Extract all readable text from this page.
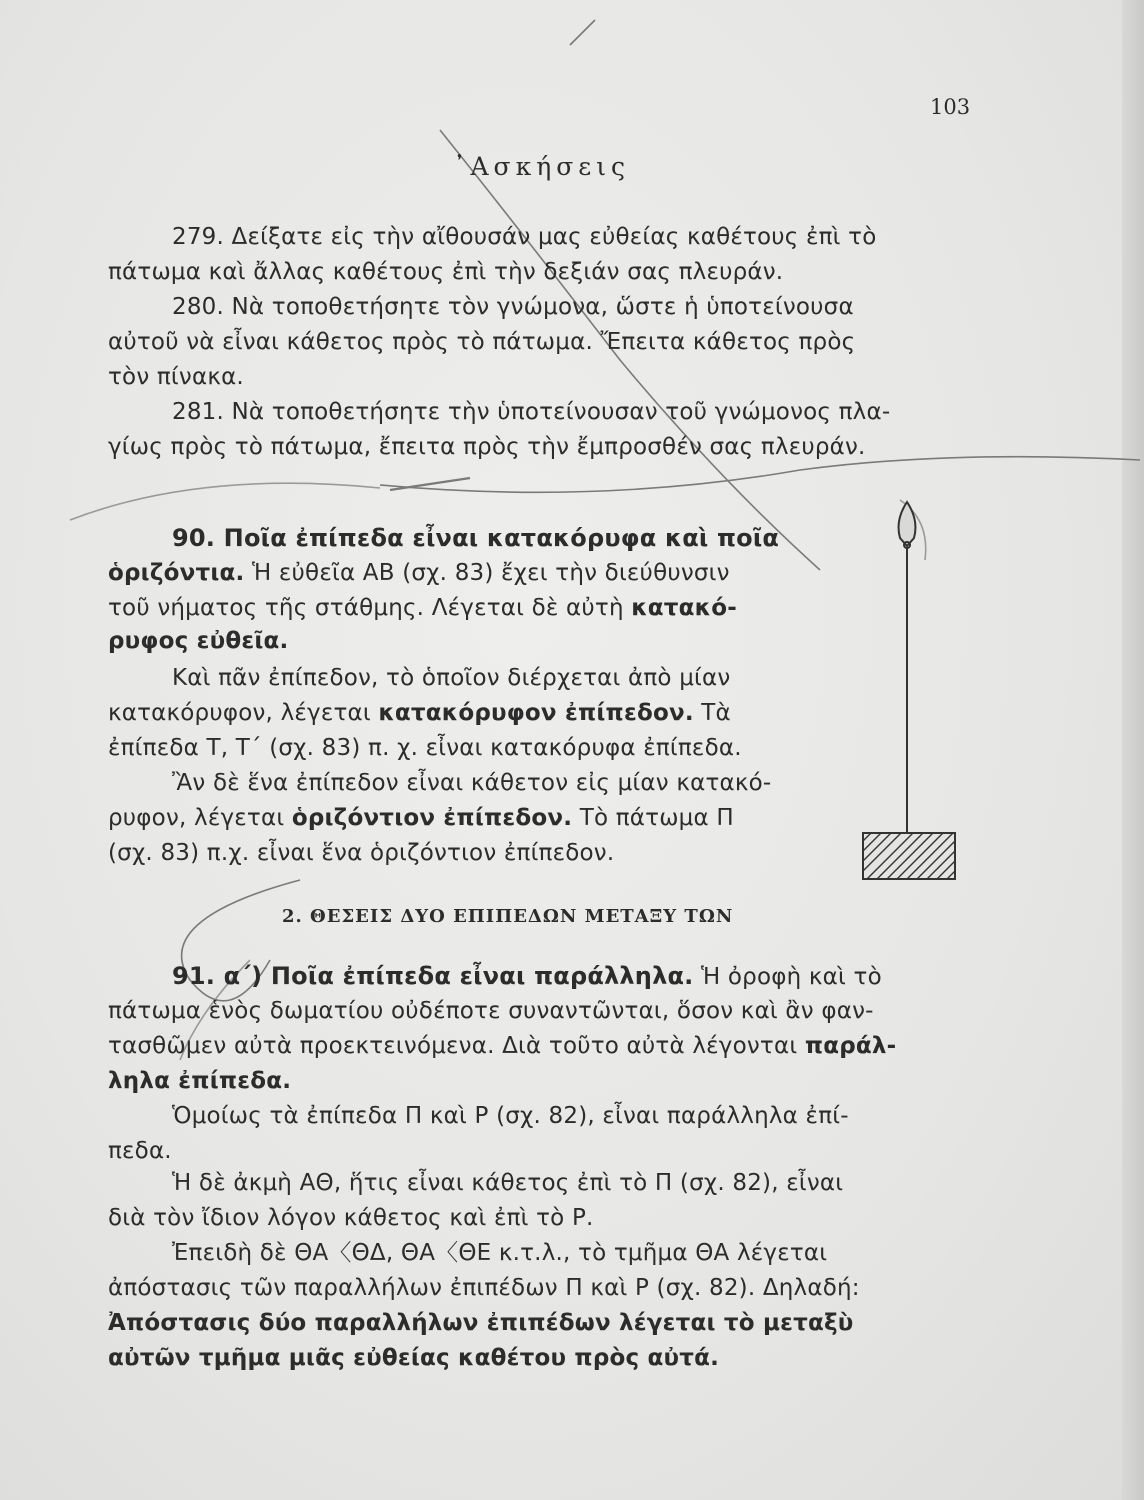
103
᾿Ασκήσεις
279. Δείξατε εἰς τὴν αἴθουσάν μας εὐθείας καθέτους ἐπὶ τὸ
πάτωμα καὶ ἄλλας καθέτους ἐπὶ τὴν δεξιάν σας πλευράν.
280. Νὰ τοποθετήσητε τὸν γνώμονα, ὥστε ἡ ὑποτείνουσα
αὐτοῦ νὰ εἶναι κάθετος πρὸς τὸ πάτωμα. Ἔπειτα κάθετος πρὸς
τὸν πίνακα.
281. Νὰ τοποθετήσητε τὴν ὑποτείνουσαν τοῦ γνώμονος πλα-
γίως πρὸς τὸ πάτωμα, ἔπειτα πρὸς τὴν ἔμπροσθέν σας πλευράν.
90. Ποῖα ἐπίπεδα εἶναι κατακόρυφα καὶ ποῖα
ὁριζόντια. Ἡ εὐθεῖα ΑΒ (σχ. 83) ἔχει τὴν διεύθυνσιν
τοῦ νήματος τῆς στάθμης. Λέγεται δὲ αὐτὴ κατακό-
ρυφος εὐθεῖα.
Καὶ πᾶν ἐπίπεδον, τὸ ὁποῖον διέρχεται ἀπὸ μίαν
κατακόρυφον, λέγεται κατακόρυφον ἐπίπεδον. Τὰ
ἐπίπεδα Τ, Τ΄ (σχ. 83) π. χ. εἶναι κατακόρυφα ἐπίπεδα.
Ἂν δὲ ἕνα ἐπίπεδον εἶναι κάθετον εἰς μίαν κατακό-
ρυφον, λέγεται ὁριζόντιον ἐπίπεδον. Τὸ πάτωμα Π
(σχ. 83) π.χ. εἶναι ἕνα ὁριζόντιον ἐπίπεδον.
2. ΘΕΣΕΙΣ ΔΥΟ ΕΠΙΠΕΔΩΝ ΜΕΤΑΞΥ ΤΩΝ
91. α΄) Ποῖα ἐπίπεδα εἶναι παράλληλα. Ἡ ὀροφὴ καὶ τὸ
πάτωμα ἑνὸς δωματίου οὐδέποτε συναντῶνται, ὅσον καὶ ἂν φαν-
τασθῶμεν αὐτὰ προεκτεινόμενα. Διὰ τοῦτο αὐτὰ λέγονται παράλ-
ληλα ἐπίπεδα.
Ὁμοίως τὰ ἐπίπεδα Π καὶ Ρ (σχ. 82), εἶναι παράλληλα ἐπί-
πεδα.
Ἡ δὲ ἀκμὴ ΑΘ, ἥτις εἶναι κάθετος ἐπὶ τὸ Π (σχ. 82), εἶναι
διὰ τὸν ἴδιον λόγον κάθετος καὶ ἐπὶ τὸ Ρ.
Ἐπειδὴ δὲ ΘΑ〈ΘΔ, ΘΑ〈ΘΕ κ.τ.λ., τὸ τμῆμα ΘΑ λέγεται
ἀπόστασις τῶν παραλλήλων ἐπιπέδων Π καὶ Ρ (σχ. 82). Δηλαδή:
Ἀπόστασις δύο παραλλήλων ἐπιπέδων λέγεται τὸ μεταξὺ
αὐτῶν τμῆμα μιᾶς εὐθείας καθέτου πρὸς αὐτά.
